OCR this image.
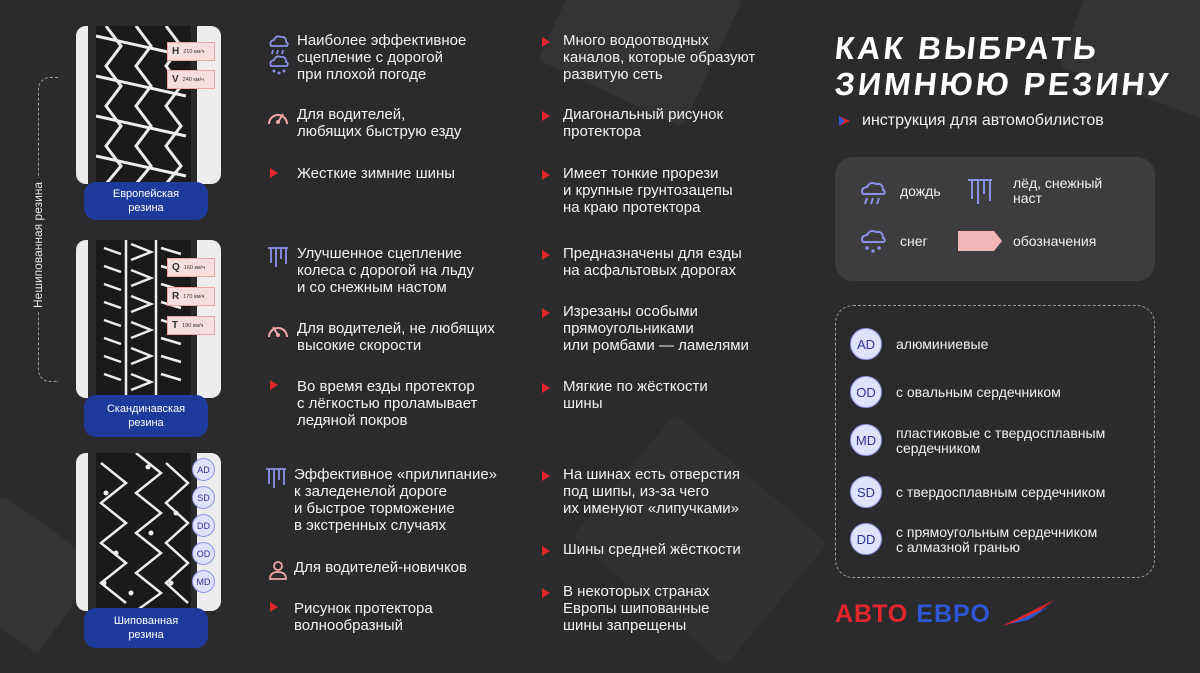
Нешипованная резина
H 210 км/ч
V 240 км/ч
Европейская
резина
Q 160 км/ч
R 170 км/ч
T 190 км/ч
Скандинавская
резина
AD
SD
DD
OD
MD
Шипованная
резина
Наиболее эффективное
сцепление с дорогой
при плохой погоде
Для водителей,
любящих быструю езду
Жесткие зимние шины
Улучшенное сцепление
колеса с дорогой на льду
и со снежным настом
Для водителей, не любящих
высокие скорости
Во время езды протектор
с лёгкостью проламывает
ледяной покров
Эффективное «прилипание»
к заледенелой дороге
и быстрое торможение
в экстренных случаях
Для водителей-новичков
Рисунок протектора
волнообразный
Много водоотводных
каналов, которые образуют
развитую сеть
Диагональный рисунок
протектора
Имеет тонкие прорези
и крупные грунтозацепы
на краю протектора
Предназначены для езды
на асфальтовых дорогах
Изрезаны особыми
прямоугольниками
или ромбами — ламелями
Мягкие по жёсткости
шины
На шинах есть отверстия
под шипы, из-за чего
их именуют «липучками»
Шины средней жёсткости
В некоторых странах
Европы шипованные
шины запрещены
КАК ВЫБРАТЬ
ЗИМНЮЮ РЕЗИНУ
инструкция для автомобилистов
дождь	лёд, снежный
наст
снег	обозначения
AD	алюминиевые
OD	с овальным сердечником
MD	пластиковые с твердосплавным
сердечником
SD	с твердосплавным сердечником
DD	с прямоугольным сердечником
с алмазной гранью
АВТО ЕВРО
